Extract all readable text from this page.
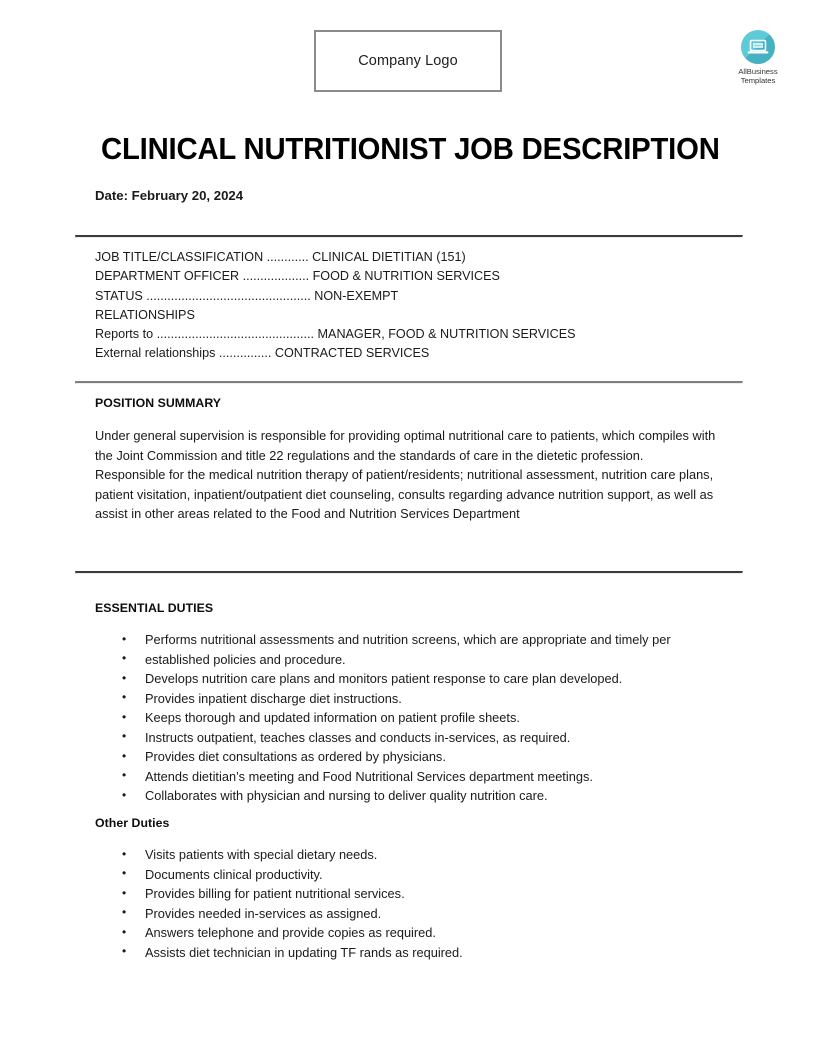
Company Logo
AllBusiness
Templates
CLINICAL NUTRITIONIST JOB DESCRIPTION
Date: February 20, 2024
JOB TITLE/CLASSIFICATION ............ CLINICAL DIETITIAN (151)
DEPARTMENT OFFICER ................... FOOD & NUTRITION SERVICES
STATUS ............................................... NON-EXEMPT
RELATIONSHIPS
Reports to ............................................. MANAGER, FOOD & NUTRITION SERVICES
External relationships ............... CONTRACTED SERVICES
POSITION SUMMARY

Under general supervision is responsible for providing optimal nutritional care to patients, which compiles with the Joint Commission and title 22 regulations and the standards of care in the dietetic profession.

Responsible for the medical nutrition therapy of patient/residents; nutritional assessment, nutrition care plans, patient visitation, inpatient/outpatient diet counseling, consults regarding advance nutrition support, as well as assist in other areas related to the Food and Nutrition Services Department

ESSENTIAL DUTIES
• Performs nutritional assessments and nutrition screens, which are appropriate and timely per
• established policies and procedure.
• Develops nutrition care plans and monitors patient response to care plan developed.
• Provides inpatient discharge diet instructions.
• Keeps thorough and updated information on patient profile sheets.
• Instructs outpatient, teaches classes and conducts in-services, as required.
• Provides diet consultations as ordered by physicians.
• Attends dietitian’s meeting and Food Nutritional Services department meetings.
• Collaborates with physician and nursing to deliver quality nutrition care.
Other Duties
• Visits patients with special dietary needs.
• Documents clinical productivity.
• Provides billing for patient nutritional services.
• Provides needed in-services as assigned.
• Answers telephone and provide copies as required.
• Assists diet technician in updating TF rands as required.
